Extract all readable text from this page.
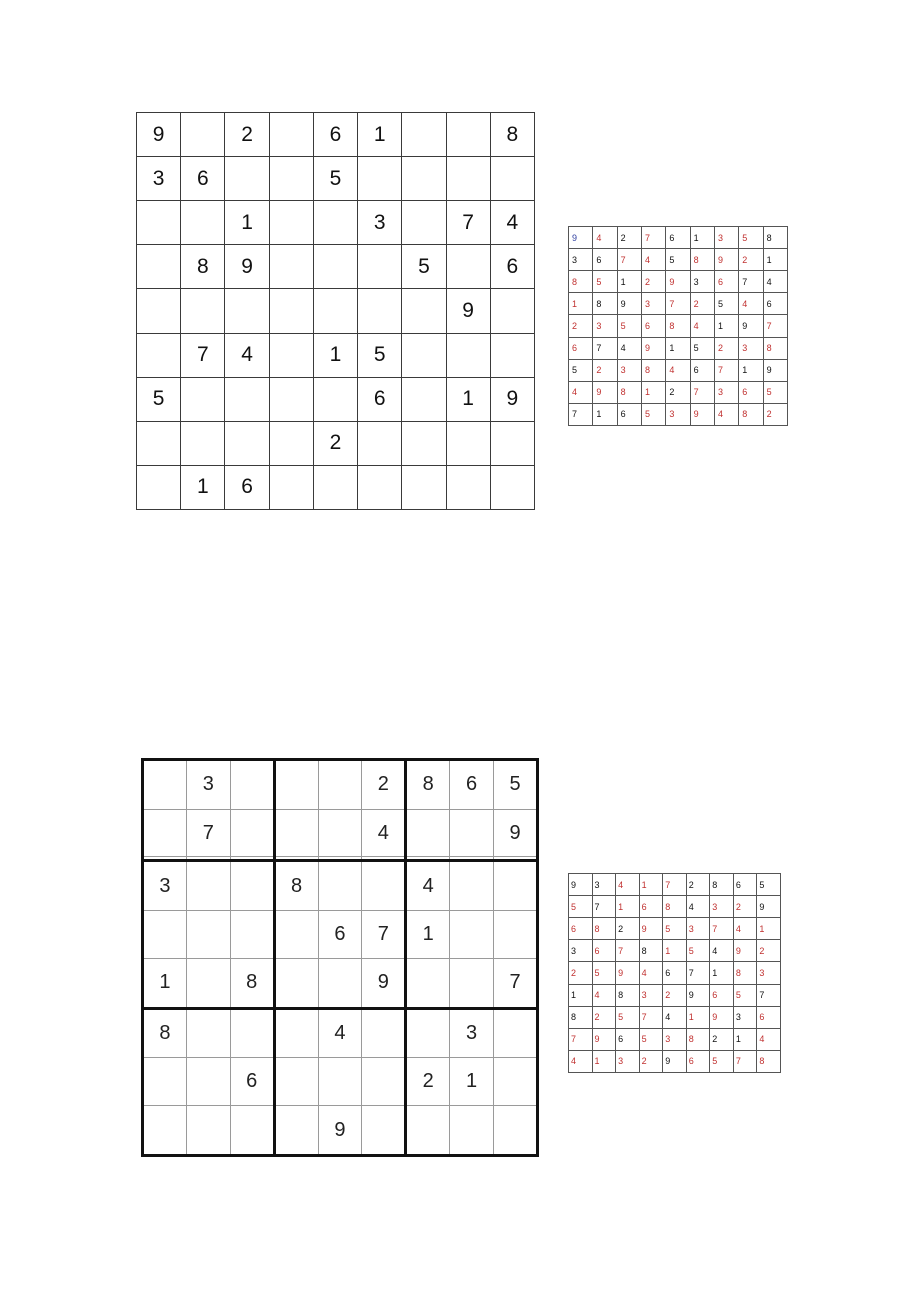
9		2		6	1			8
3	6			5				
		1			3		7	4
	8	9				5		6
							9	
	7	4		1	5			
5					6		1	9
				2				
	1	6						
9	4	2	7	6	1	3	5	8
3	6	7	4	5	8	9	2	1
8	5	1	2	9	3	6	7	4
1	8	9	3	7	2	5	4	6
2	3	5	6	8	4	1	9	7
6	7	4	9	1	5	2	3	8
5	2	3	8	4	6	7	1	9
4	9	8	1	2	7	3	6	5
7	1	6	5	3	9	4	8	2
	3				2	8	6	5
	7				4			9

3			8			4		
				6	7	1		
1		8			9			7
8				4			3	
		6				2	1	
				9				
9	3	4	1	7	2	8	6	5
5	7	1	6	8	4	3	2	9
6	8	2	9	5	3	7	4	1
3	6	7	8	1	5	4	9	2
2	5	9	4	6	7	1	8	3
1	4	8	3	2	9	6	5	7
8	2	5	7	4	1	9	3	6
7	9	6	5	3	8	2	1	4
4	1	3	2	9	6	5	7	8
